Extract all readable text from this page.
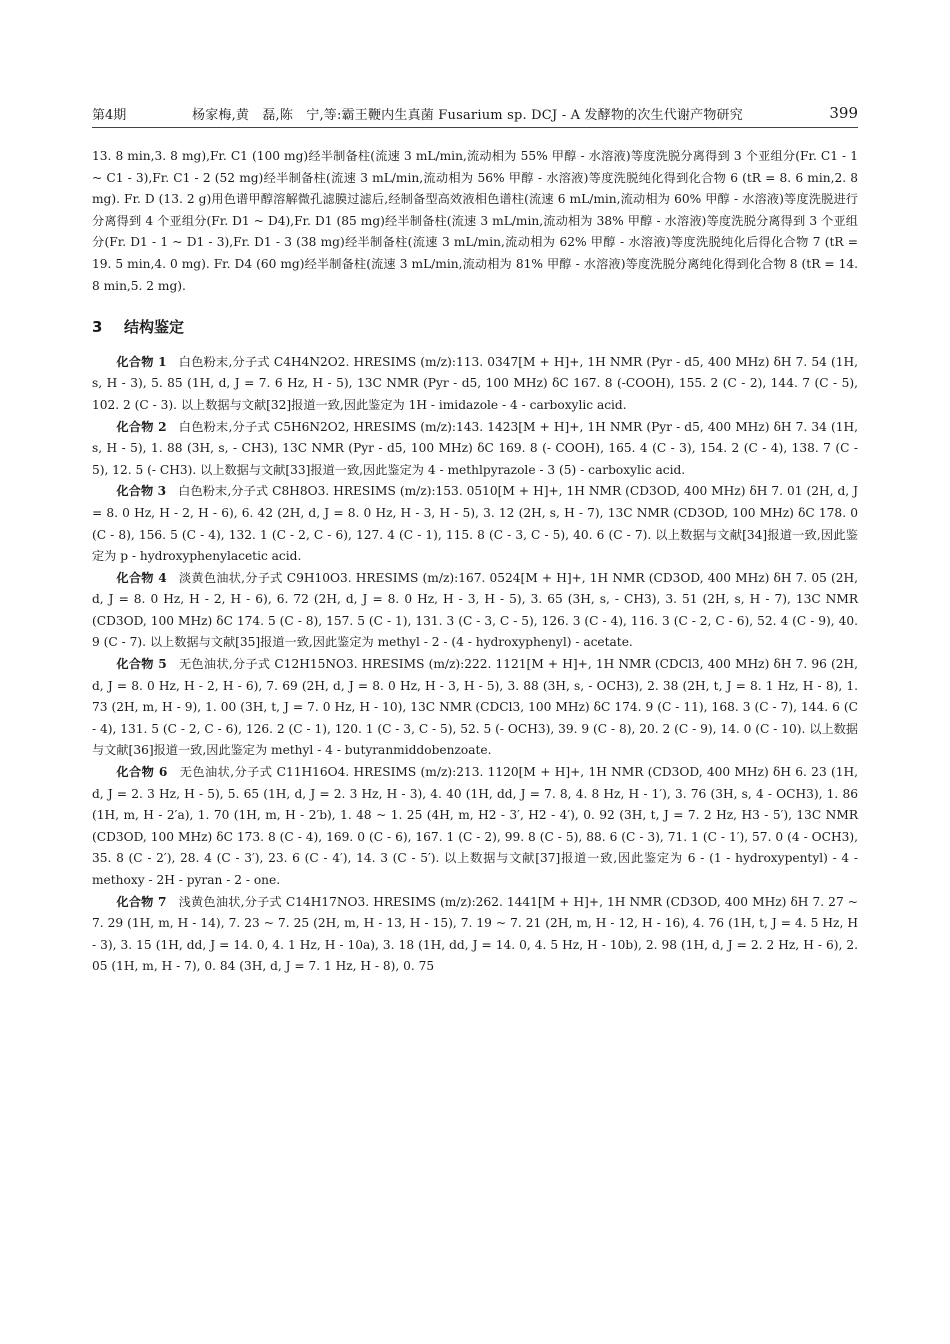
第4期	杨家梅,黄　磊,陈　宁,等:霸王鞭内生真菌 Fusarium sp. DCJ - A 发酵物的次生代谢产物研究	399

13. 8 min,3. 8 mg),Fr. C1 (100 mg)经半制备柱(流速 3 mL/min,流动相为 55% 甲醇 - 水溶液)等度洗脱分离得到 3 个亚组分(Fr. C1 - 1 ~ C1 - 3),Fr. C1 - 2 (52 mg)经半制备柱(流速 3 mL/min,流动相为 56% 甲醇 - 水溶液)等度洗脱纯化得到化合物 6 (tR = 8. 6 min,2. 8 mg). Fr. D (13. 2 g)用色谱甲醇溶解微孔滤膜过滤后,经制备型高效液相色谱柱(流速 6 mL/min,流动相为 60% 甲醇 - 水溶液)等度洗脱进行分离得到 4 个亚组分(Fr. D1 ~ D4),Fr. D1 (85 mg)经半制备柱(流速 3 mL/min,流动相为 38% 甲醇 - 水溶液)等度洗脱分离得到 3 个亚组分(Fr. D1 - 1 ~ D1 - 3),Fr. D1 - 3 (38 mg)经半制备柱(流速 3 mL/min,流动相为 62% 甲醇 - 水溶液)等度洗脱纯化后得化合物 7 (tR = 19. 5 min,4. 0 mg). Fr. D4 (60 mg)经半制备柱(流速 3 mL/min,流动相为 81% 甲醇 - 水溶液)等度洗脱分离纯化得到化合物 8 (tR = 14. 8 min,5. 2 mg).

3 结构鉴定

化合物 1 白色粉末,分子式 C4H4N2O2. HRESIMS (m/z):113. 0347[M + H]+, 1H NMR (Pyr - d5, 400 MHz) δH 7. 54 (1H, s, H - 3), 5. 85 (1H, d, J = 7. 6 Hz, H - 5), 13C NMR (Pyr - d5, 100 MHz) δC 167. 8 (-COOH), 155. 2 (C - 2), 144. 7 (C - 5), 102. 2 (C - 3). 以上数据与文献[32]报道一致,因此鉴定为 1H - imidazole - 4 - carboxylic acid.

化合物 2 白色粉末,分子式 C5H6N2O2, HRESIMS (m/z):143. 1423[M + H]+, 1H NMR (Pyr - d5, 400 MHz) δH 7. 34 (1H, s, H - 5), 1. 88 (3H, s, - CH3), 13C NMR (Pyr - d5, 100 MHz) δC 169. 8 (- COOH), 165. 4 (C - 3), 154. 2 (C - 4), 138. 7 (C - 5), 12. 5 (- CH3). 以上数据与文献[33]报道一致,因此鉴定为 4 - methlpyrazole - 3 (5) - carboxylic acid.

化合物 3 白色粉末,分子式 C8H8O3. HRESIMS (m/z):153. 0510[M + H]+, 1H NMR (CD3OD, 400 MHz) δH 7. 01 (2H, d, J = 8. 0 Hz, H - 2, H - 6), 6. 42 (2H, d, J = 8. 0 Hz, H - 3, H - 5), 3. 12 (2H, s, H - 7), 13C NMR (CD3OD, 100 MHz) δC 178. 0 (C - 8), 156. 5 (C - 4), 132. 1 (C - 2, C - 6), 127. 4 (C - 1), 115. 8 (C - 3, C - 5), 40. 6 (C - 7). 以上数据与文献[34]报道一致,因此鉴定为 p - hydroxyphenylacetic acid.

化合物 4 淡黄色油状,分子式 C9H10O3. HRESIMS (m/z):167. 0524[M + H]+, 1H NMR (CD3OD, 400 MHz) δH 7. 05 (2H, d, J = 8. 0 Hz, H - 2, H - 6), 6. 72 (2H, d, J = 8. 0 Hz, H - 3, H - 5), 3. 65 (3H, s, - CH3), 3. 51 (2H, s, H - 7), 13C NMR (CD3OD, 100 MHz) δC 174. 5 (C - 8), 157. 5 (C - 1), 131. 3 (C - 3, C - 5), 126. 3 (C - 4), 116. 3 (C - 2, C - 6), 52. 4 (C - 9), 40. 9 (C - 7). 以上数据与文献[35]报道一致,因此鉴定为 methyl - 2 - (4 - hydroxyphenyl) - acetate.

化合物 5 无色油状,分子式 C12H15NO3. HRESIMS (m/z):222. 1121[M + H]+, 1H NMR (CDCl3, 400 MHz) δH 7. 96 (2H, d, J = 8. 0 Hz, H - 2, H - 6), 7. 69 (2H, d, J = 8. 0 Hz, H - 3, H - 5), 3. 88 (3H, s, - OCH3), 2. 38 (2H, t, J = 8. 1 Hz, H - 8), 1. 73 (2H, m, H - 9), 1. 00 (3H, t, J = 7. 0 Hz, H - 10), 13C NMR (CDCl3, 100 MHz) δC 174. 9 (C - 11), 168. 3 (C - 7), 144. 6 (C - 4), 131. 5 (C - 2, C - 6), 126. 2 (C - 1), 120. 1 (C - 3, C - 5), 52. 5 (- OCH3), 39. 9 (C - 8), 20. 2 (C - 9), 14. 0 (C - 10). 以上数据与文献[36]报道一致,因此鉴定为 methyl - 4 - butyranmiddobenzoate.

化合物 6 无色油状,分子式 C11H16O4. HRESIMS (m/z):213. 1120[M + H]+, 1H NMR (CD3OD, 400 MHz) δH 6. 23 (1H, d, J = 2. 3 Hz, H - 5), 5. 65 (1H, d, J = 2. 3 Hz, H - 3), 4. 40 (1H, dd, J = 7. 8, 4. 8 Hz, H - 1′), 3. 76 (3H, s, 4 - OCH3), 1. 86 (1H, m, H - 2′a), 1. 70 (1H, m, H - 2′b), 1. 48 ~ 1. 25 (4H, m, H2 - 3′, H2 - 4′), 0. 92 (3H, t, J = 7. 2 Hz, H3 - 5′), 13C NMR (CD3OD, 100 MHz) δC 173. 8 (C - 4), 169. 0 (C - 6), 167. 1 (C - 2), 99. 8 (C - 5), 88. 6 (C - 3), 71. 1 (C - 1′), 57. 0 (4 - OCH3), 35. 8 (C - 2′), 28. 4 (C - 3′), 23. 6 (C - 4′), 14. 3 (C - 5′). 以上数据与文献[37]报道一致,因此鉴定为 6 - (1 - hydroxypentyl) - 4 - methoxy - 2H - pyran - 2 - one.

化合物 7 浅黄色油状,分子式 C14H17NO3. HRESIMS (m/z):262. 1441[M + H]+, 1H NMR (CD3OD, 400 MHz) δH 7. 27 ~ 7. 29 (1H, m, H - 14), 7. 23 ~ 7. 25 (2H, m, H - 13, H - 15), 7. 19 ~ 7. 21 (2H, m, H - 12, H - 16), 4. 76 (1H, t, J = 4. 5 Hz, H - 3), 3. 15 (1H, dd, J = 14. 0, 4. 1 Hz, H - 10a), 3. 18 (1H, dd, J = 14. 0, 4. 5 Hz, H - 10b), 2. 98 (1H, d, J = 2. 2 Hz, H - 6), 2. 05 (1H, m, H - 7), 0. 84 (3H, d, J = 7. 1 Hz, H - 8), 0. 75
